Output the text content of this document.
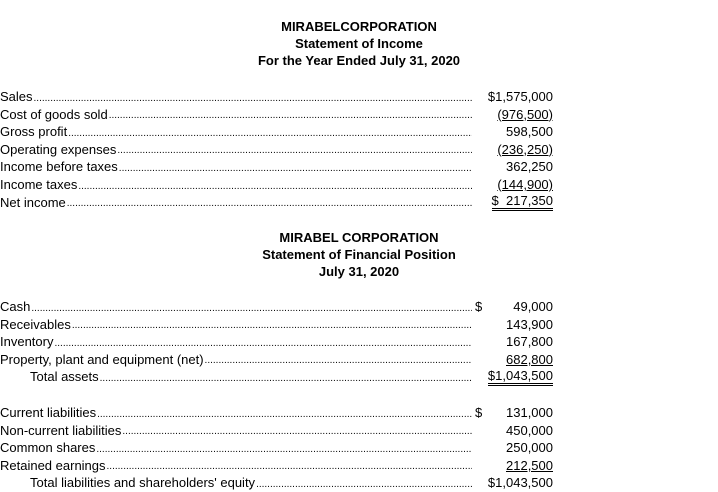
MIRABELCORPORATION
Statement of Income
For the Year Ended July 31, 2020
Sales .....	$1,575,000
Cost of goods sold .....	(976,500)
Gross profit .....	598,500
Operating expenses .....	(236,250)
Income before taxes .....	362,250
Income taxes .....	(144,900)
Net income .....	$  217,350
MIRABEL CORPORATION
Statement of Financial Position
July 31, 2020
Cash .....	$	49,000
Receivables .....	143,900
Inventory .....	167,800
Property, plant and equipment (net) .....	682,800
Total assets .....	$1,043,500
Current liabilities .....	$	131,000
Non-current liabilities .....	450,000
Common shares .....	250,000
Retained earnings .....	212,500
Total liabilities and shareholders' equity .....	$1,043,500
